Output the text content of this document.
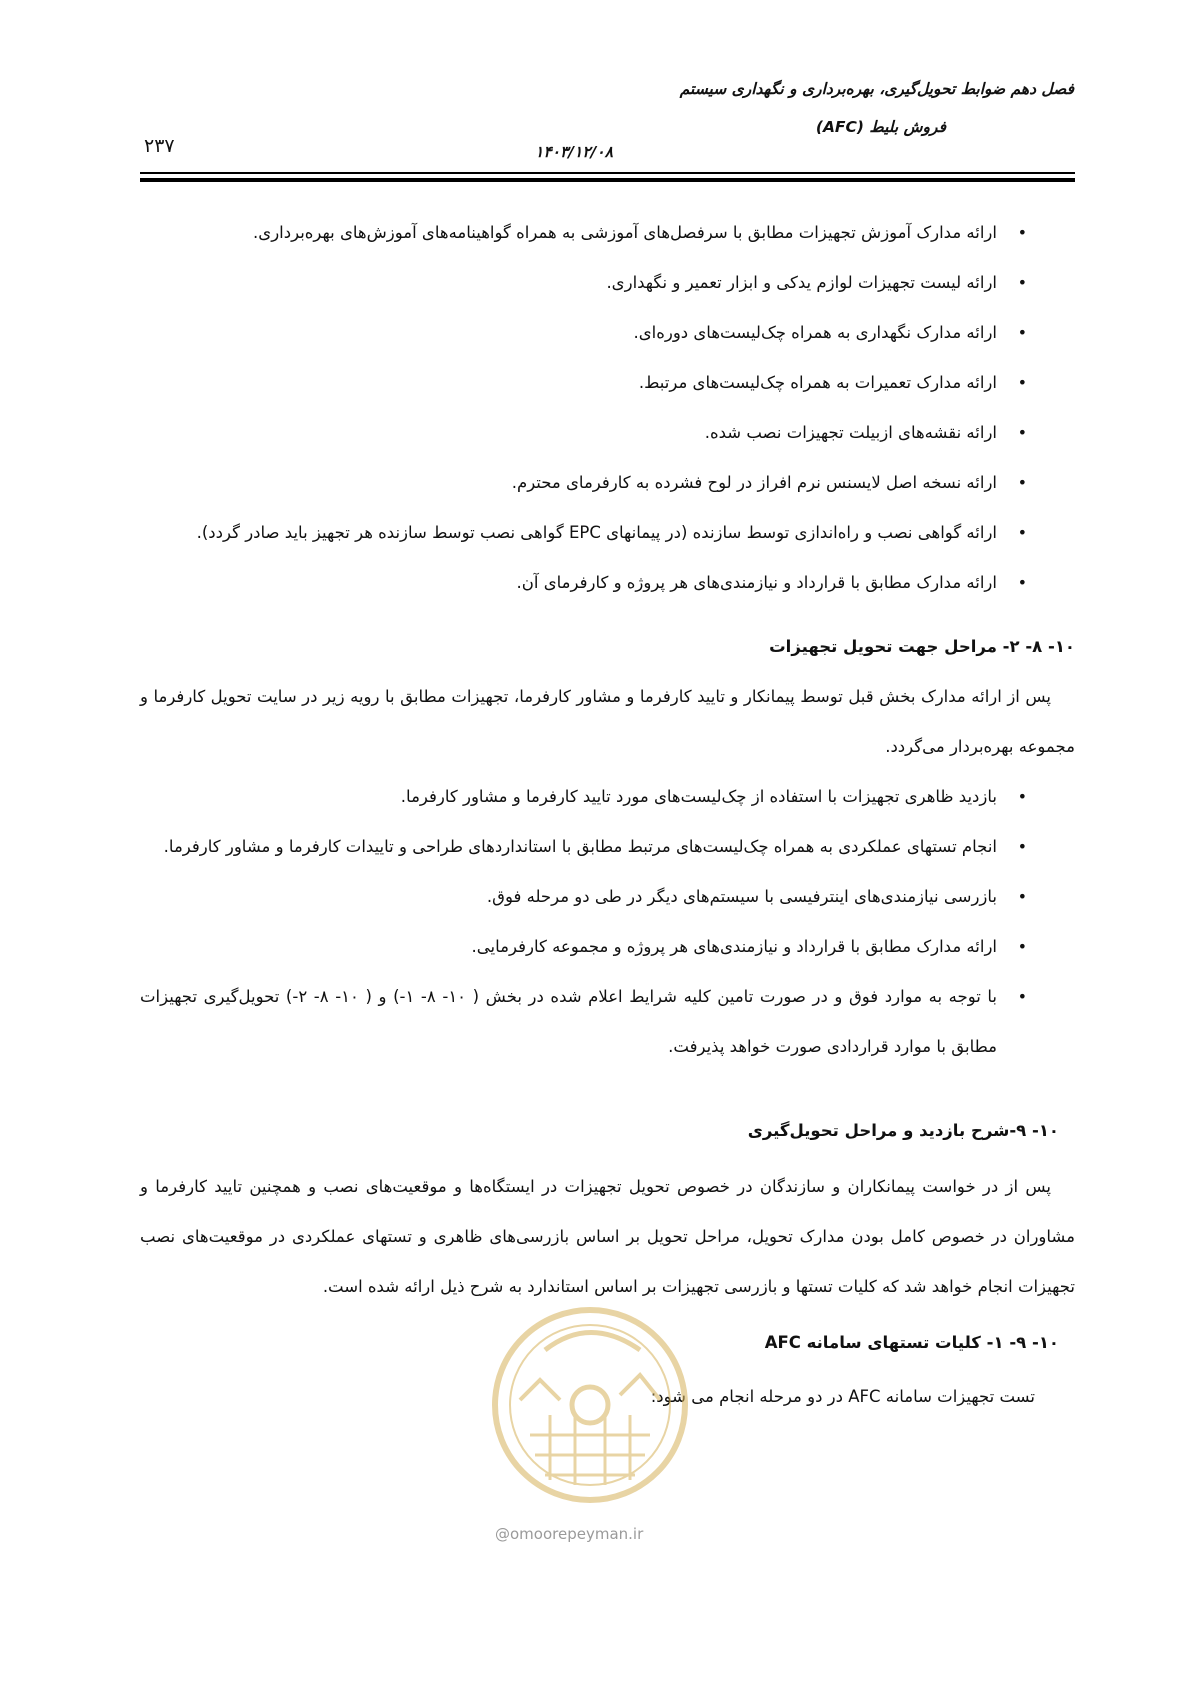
فصل دهم ضوابط تحویل‌گیری، بهره‌برداری و نگهداری سیستم
فروش بلیط (AFC)
۱۴۰۳/۱۲/۰۸
۲۳۷
• ارائه مدارک آموزش تجهیزات مطابق با سرفصل‌های آموزشی به همراه گواهینامه‌های آموزش‌های بهره‌برداری.
• ارائه لیست تجهیزات لوازم یدکی و ابزار تعمیر و نگهداری.
• ارائه مدارک نگهداری به همراه چک‌لیست‌های دوره‌ای.
• ارائه مدارک تعمیرات به همراه چک‌لیست‌های مرتبط.
• ارائه نقشه‌های ازبیلت تجهیزات نصب شده.
• ارائه نسخه اصل لایسنس نرم افراز در لوح فشرده به کارفرمای محترم.
• ارائه گواهی نصب و راه‌اندازی توسط سازنده (در پیمانهای EPC گواهی نصب توسط سازنده هر تجهیز باید صادر گردد).
• ارائه مدارک مطابق با قرارداد و نیازمندی‌های هر پروژه و کارفرمای آن.
۱۰- ۸- ۲- مراحل جهت تحویل تجهیزات
پس از ارائه مدارک بخش قبل توسط پیمانکار و تایید کارفرما و مشاور کارفرما، تجهیزات مطابق با رویه زیر در سایت تحویل کارفرما و مجموعه بهره‌بردار می‌گردد.
• بازدید ظاهری تجهیزات با استفاده از چک‌لیست‌های مورد تایید کارفرما و مشاور کارفرما.
• انجام تستهای عملکردی به همراه چک‌لیست‌های مرتبط مطابق با استانداردهای طراحی و تاییدات کارفرما و مشاور کارفرما.
• بازرسی نیازمندی‌های اینترفیسی با سیستم‌های دیگر در طی دو مرحله فوق.
• ارائه مدارک مطابق با قرارداد و نیازمندی‌های هر پروژه و مجموعه کارفرمایی.
• با توجه به موارد فوق و در صورت تامین کلیه شرایط اعلام شده در بخش ( ۱۰- ۸- ۱-) و ( ۱۰- ۸- ۲-) تحویل‌گیری تجهیزات مطابق با موارد قراردادی صورت خواهد پذیرفت.
۱۰- ۹-شرح بازدید و مراحل تحویل‌گیری
پس از در خواست پیمانکاران و سازندگان در خصوص تحویل تجهیزات در ایستگاه‌ها و موقعیت‌های نصب و همچنین تایید کارفرما و مشاوران در خصوص کامل بودن مدارک تحویل، مراحل تحویل بر اساس بازرسی‌های ظاهری و تستهای عملکردی در موقعیت‌های نصب تجهیزات انجام خواهد شد که کلیات تستها و بازرسی تجهیزات بر اساس استاندارد به شرح ذیل ارائه شده است.
۱۰- ۹- ۱- کلیات تستهای سامانه AFC
تست تجهیزات سامانه AFC در دو مرحله انجام می شود:
@omoorepeyman.ir
